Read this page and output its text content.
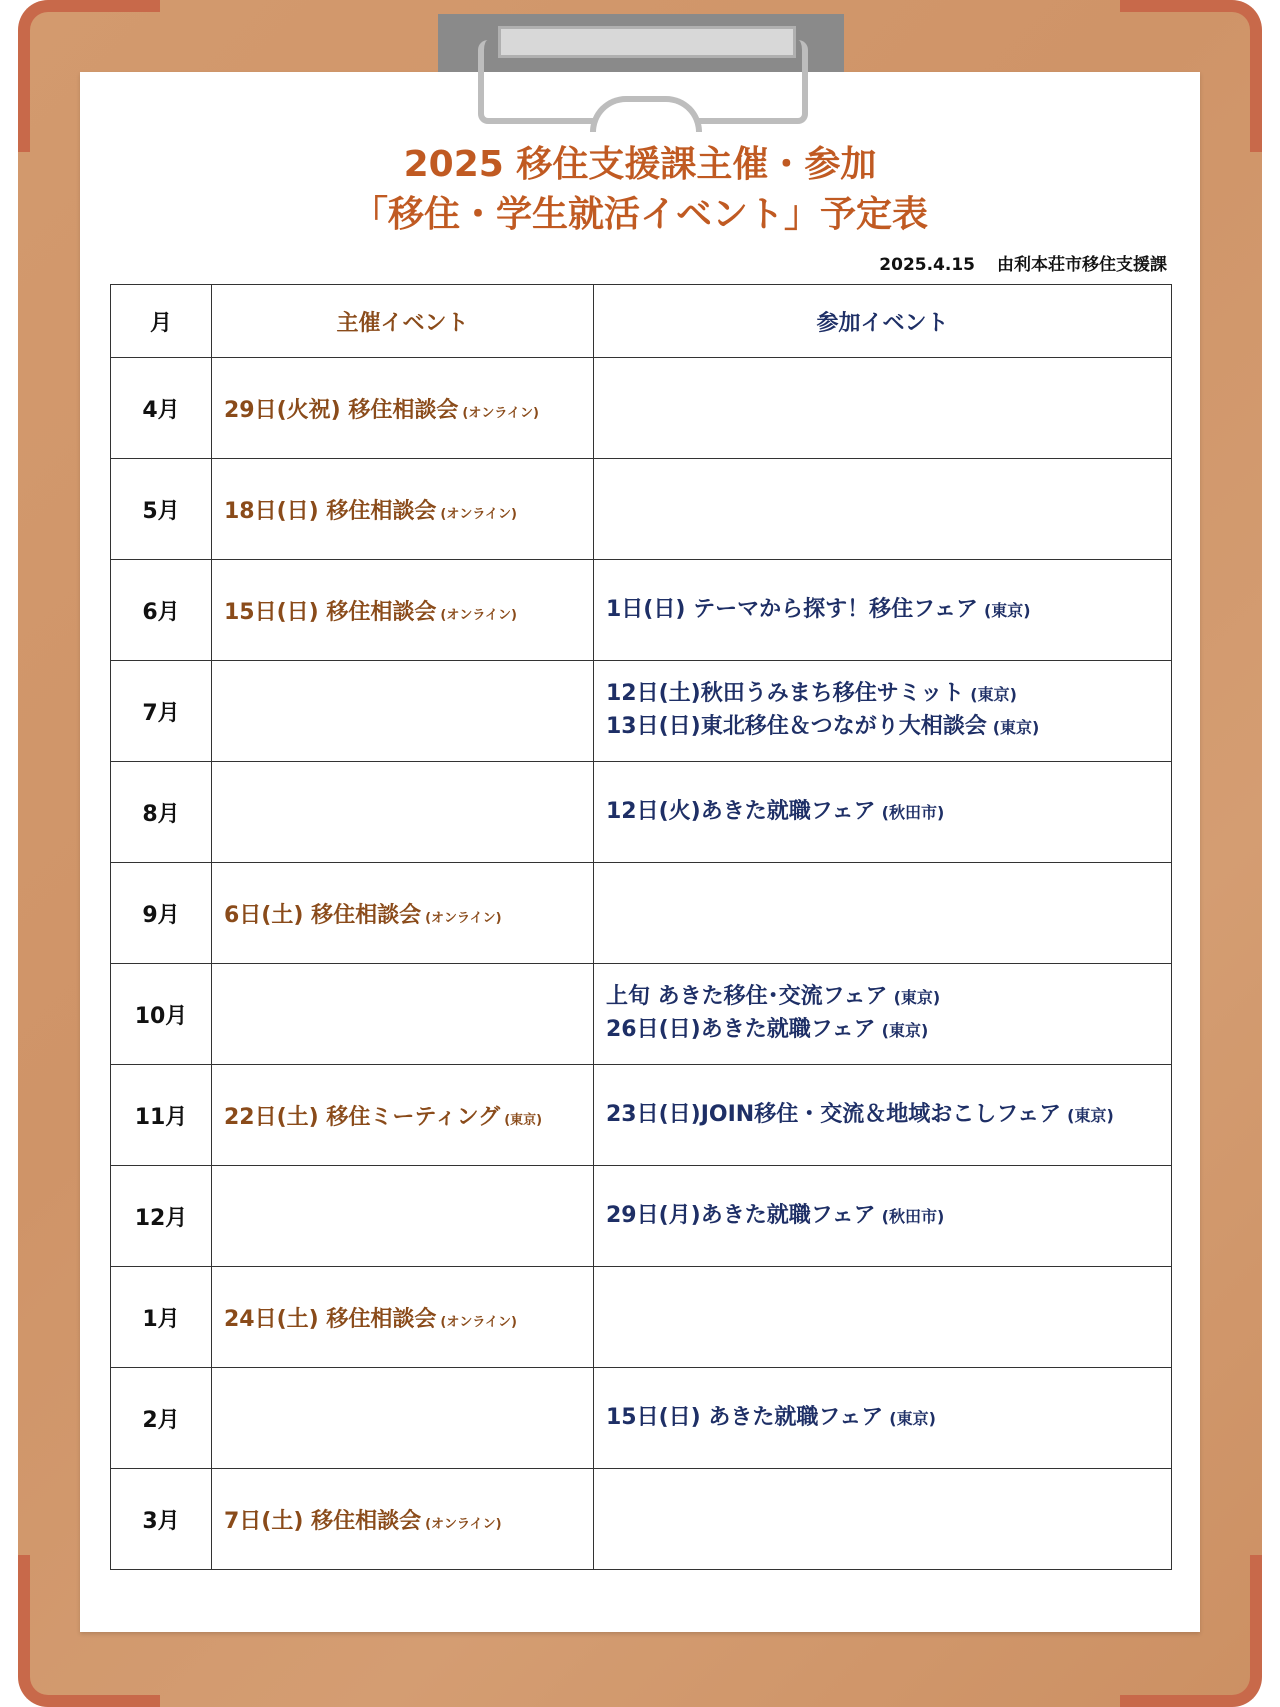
2025 移住支援課主催・参加
「移住・学生就活イベント」予定表
2025.4.15 由利本荘市移住支援課
月	主催イベント	参加イベント
4月	29日(火祝) 移住相談会 (オンライン)	
5月	18日(日) 移住相談会 (オンライン)	
6月	15日(日) 移住相談会 (オンライン)	1日(日) テーマから探す！移住フェア (東京)

7月		12日(土)秋田うみまち移住サミット (東京)
13日(日)東北移住＆つながり大相談会 (東京)

8月		12日(火)あきた就職フェア (秋田市)

9月	6日(土) 移住相談会 (オンライン)	
10月		上旬 あきた移住･交流フェア (東京)
26日(日)あきた就職フェア (東京)

11月	22日(土) 移住ミーティング (東京)	23日(日)JOIN移住・交流＆地域おこしフェア (東京)

12月		29日(月)あきた就職フェア (秋田市)

1月	24日(土) 移住相談会 (オンライン)	
2月		15日(日) あきた就職フェア (東京)

3月	7日(土) 移住相談会 (オンライン)	
